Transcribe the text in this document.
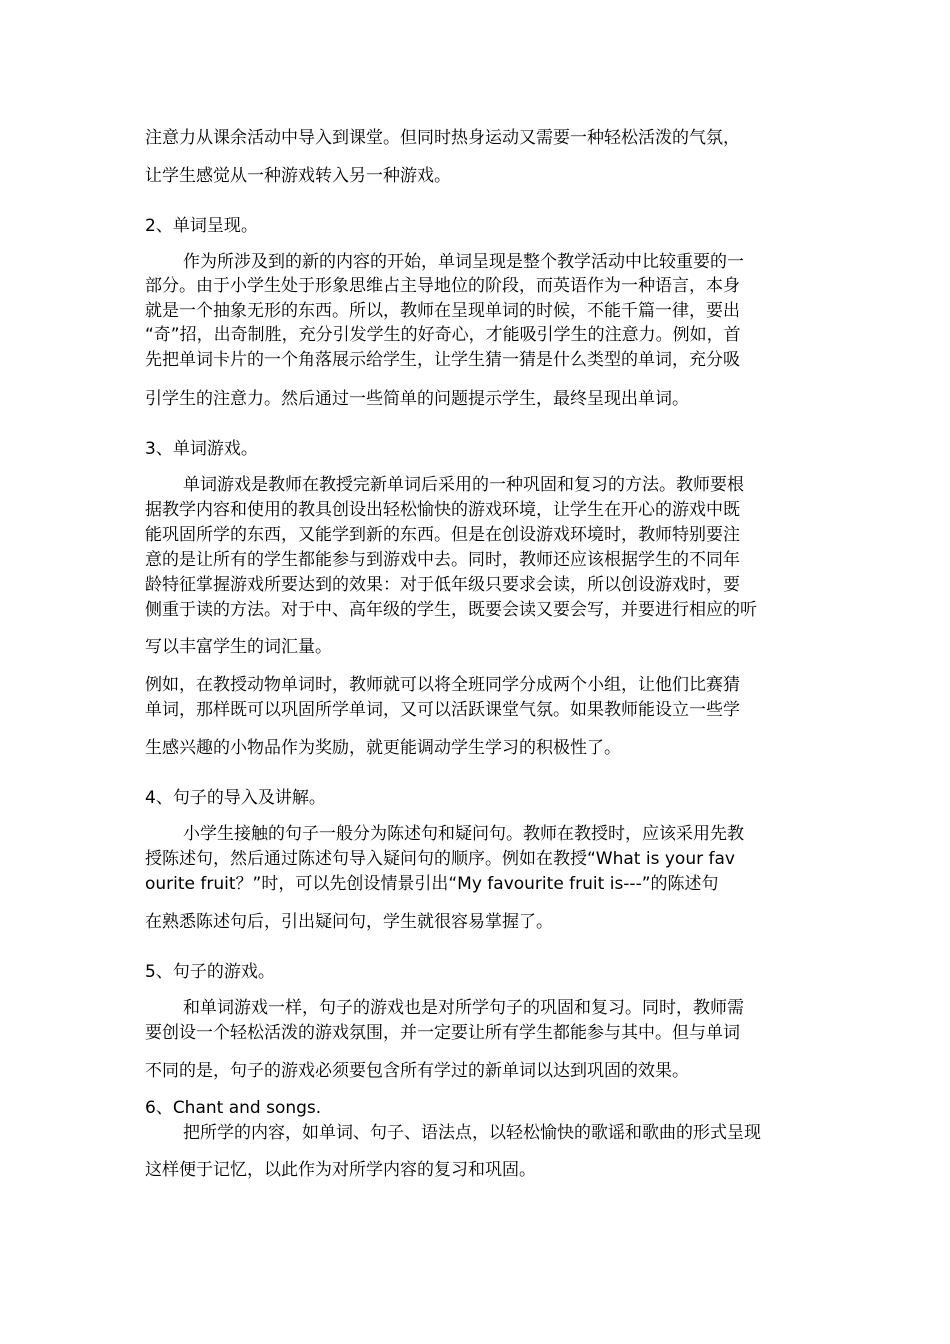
注意力从课余活动中导入到课堂。但同时热身运动又需要一种轻松活泼的气氛，
让学生感觉从一种游戏转入另一种游戏。
2、单词呈现。
作为所涉及到的新的内容的开始，单词呈现是整个教学活动中比较重要的一
部分。由于小学生处于形象思维占主导地位的阶段，而英语作为一种语言，本身
就是一个抽象无形的东西。所以，教师在呈现单词的时候，不能千篇一律，要出
“奇”招，出奇制胜，充分引发学生的好奇心，才能吸引学生的注意力。例如，首
先把单词卡片的一个角落展示给学生，让学生猜一猜是什么类型的单词，充分吸
引学生的注意力。然后通过一些简单的问题提示学生，最终呈现出单词。
3、单词游戏。
单词游戏是教师在教授完新单词后采用的一种巩固和复习的方法。教师要根
据教学内容和使用的教具创设出轻松愉快的游戏环境，让学生在开心的游戏中既
能巩固所学的东西，又能学到新的东西。但是在创设游戏环境时，教师特别要注
意的是让所有的学生都能参与到游戏中去。同时，教师还应该根据学生的不同年
龄特征掌握游戏所要达到的效果：对于低年级只要求会读，所以创设游戏时，要
侧重于读的方法。对于中、高年级的学生，既要会读又要会写，并要进行相应的听
写以丰富学生的词汇量。
例如，在教授动物单词时，教师就可以将全班同学分成两个小组，让他们比赛猜
单词，那样既可以巩固所学单词，又可以活跃课堂气氛。如果教师能设立一些学
生感兴趣的小物品作为奖励，就更能调动学生学习的积极性了。
4、句子的导入及讲解。
小学生接触的句子一般分为陈述句和疑问句。教师在教授时，应该采用先教
授陈述句，然后通过陈述句导入疑问句的顺序。例如在教授“What is your fav
ourite fruit？”时，可以先创设情景引出“My favourite fruit is---”的陈述句
在熟悉陈述句后，引出疑问句，学生就很容易掌握了。
5、句子的游戏。
和单词游戏一样，句子的游戏也是对所学句子的巩固和复习。同时，教师需
要创设一个轻松活泼的游戏氛围，并一定要让所有学生都能参与其中。但与单词
不同的是，句子的游戏必须要包含所有学过的新单词以达到巩固的效果。
6、Chant and songs.
把所学的内容，如单词、句子、语法点，以轻松愉快的歌谣和歌曲的形式呈现
这样便于记忆，以此作为对所学内容的复习和巩固。
